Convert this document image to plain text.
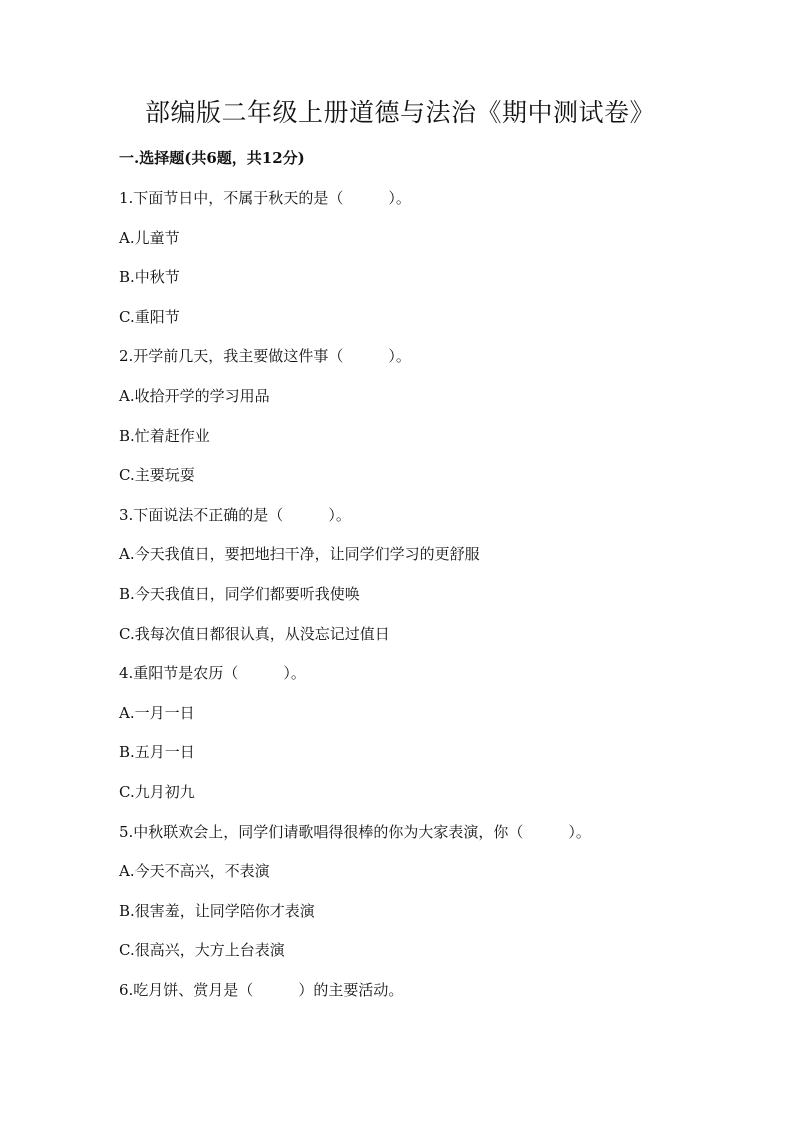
部编版二年级上册道德与法治《期中测试卷》
一.选择题(共6题，共12分)
1.下面节日中，不属于秋天的是（　　　）。
A.儿童节
B.中秋节
C.重阳节
2.开学前几天，我主要做这件事（　　　）。
A.收拾开学的学习用品
B.忙着赶作业
C.主要玩耍
3.下面说法不正确的是（　　　）。
A.今天我值日，要把地扫干净，让同学们学习的更舒服
B.今天我值日，同学们都要听我使唤
C.我每次值日都很认真，从没忘记过值日
4.重阳节是农历（　　　）。
A.一月一日
B.五月一日
C.九月初九
5.中秋联欢会上，同学们请歌唱得很棒的你为大家表演，你（　　　）。
A.今天不高兴，不表演
B.很害羞，让同学陪你才表演
C.很高兴，大方上台表演
6.吃月饼、赏月是（　　　）的主要活动。
